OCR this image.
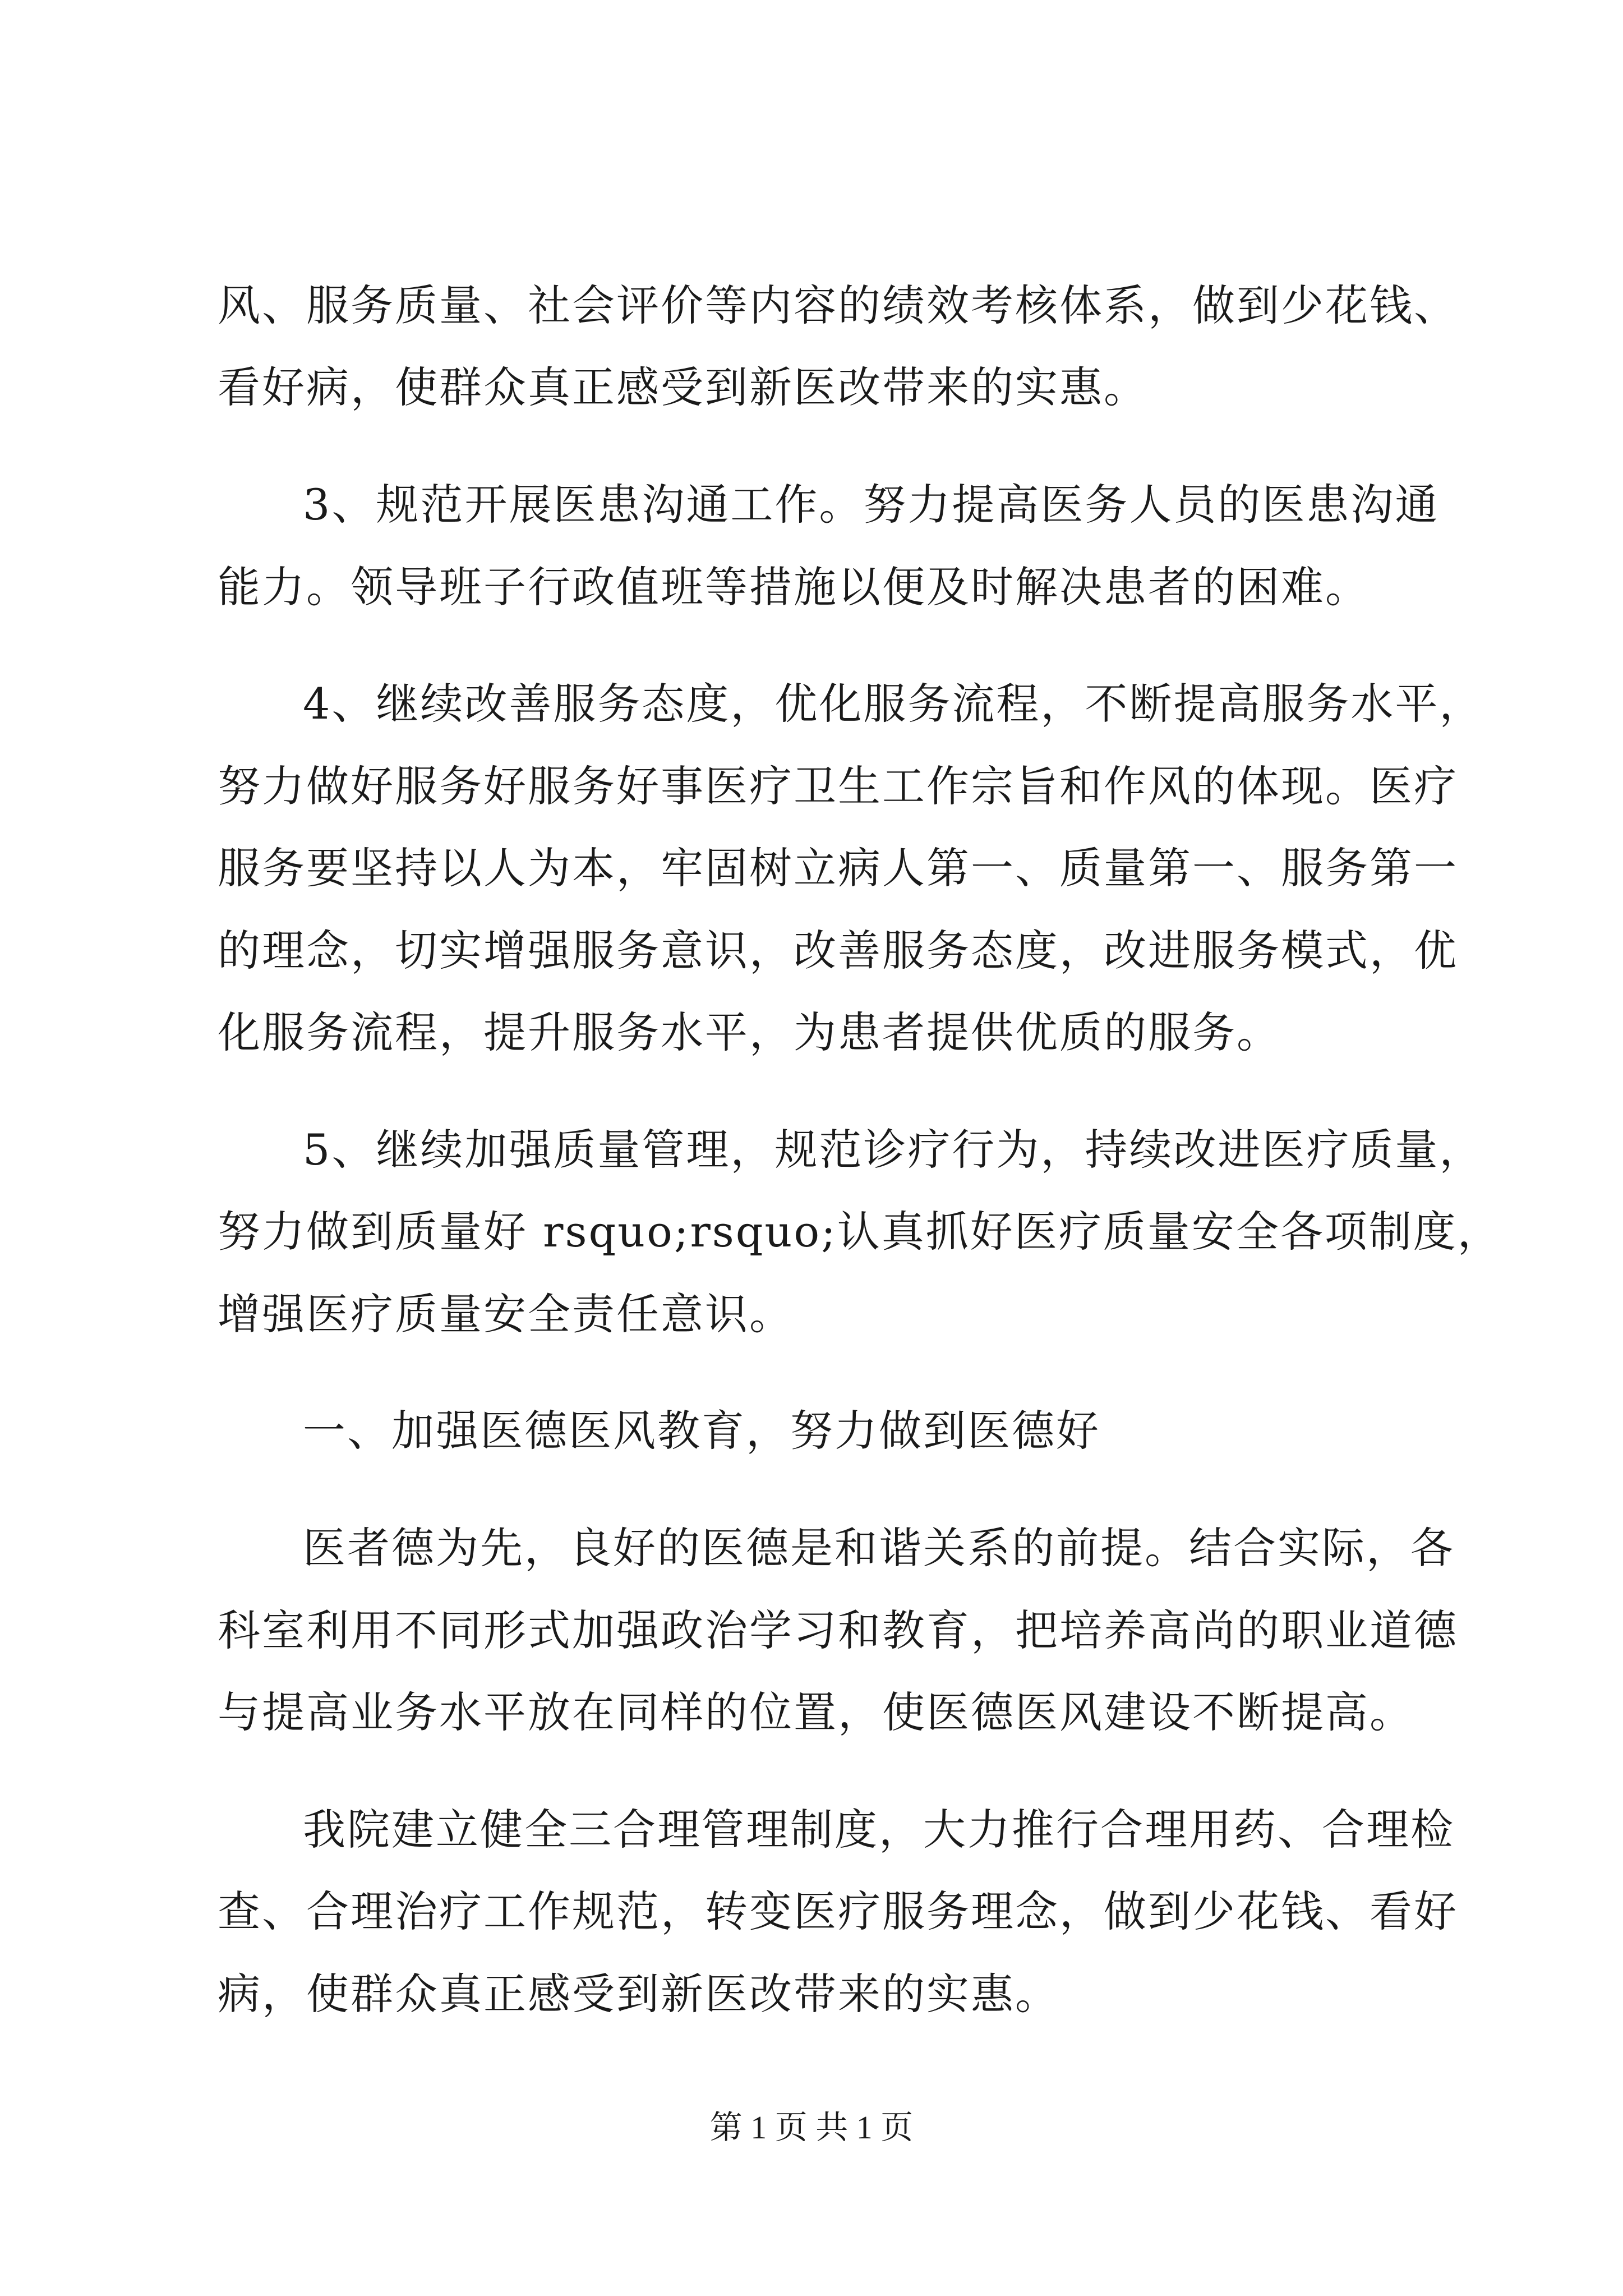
风、服务质量、社会评价等内容的绩效考核体系，做到少花钱、
看好病，使群众真正感受到新医改带来的实惠。
3、规范开展医患沟通工作。努力提高医务人员的医患沟通
能力。领导班子行政值班等措施以便及时解决患者的困难。
4、继续改善服务态度，优化服务流程，不断提高服务水平，
努力做好服务好服务好事医疗卫生工作宗旨和作风的体现。医疗
服务要坚持以人为本，牢固树立病人第一、质量第一、服务第一
的理念，切实增强服务意识，改善服务态度，改进服务模式，优
化服务流程，提升服务水平，为患者提供优质的服务。
5、继续加强质量管理，规范诊疗行为，持续改进医疗质量，
努力做到质量好 rsquo;rsquo;认真抓好医疗质量安全各项制度，
增强医疗质量安全责任意识。
一、加强医德医风教育，努力做到医德好
医者德为先，良好的医德是和谐关系的前提。结合实际，各
科室利用不同形式加强政治学习和教育，把培养高尚的职业道德
与提高业务水平放在同样的位置，使医德医风建设不断提高。
我院建立健全三合理管理制度，大力推行合理用药、合理检
查、合理治疗工作规范，转变医疗服务理念，做到少花钱、看好
病，使群众真正感受到新医改带来的实惠。
第 1 页 共 1 页
